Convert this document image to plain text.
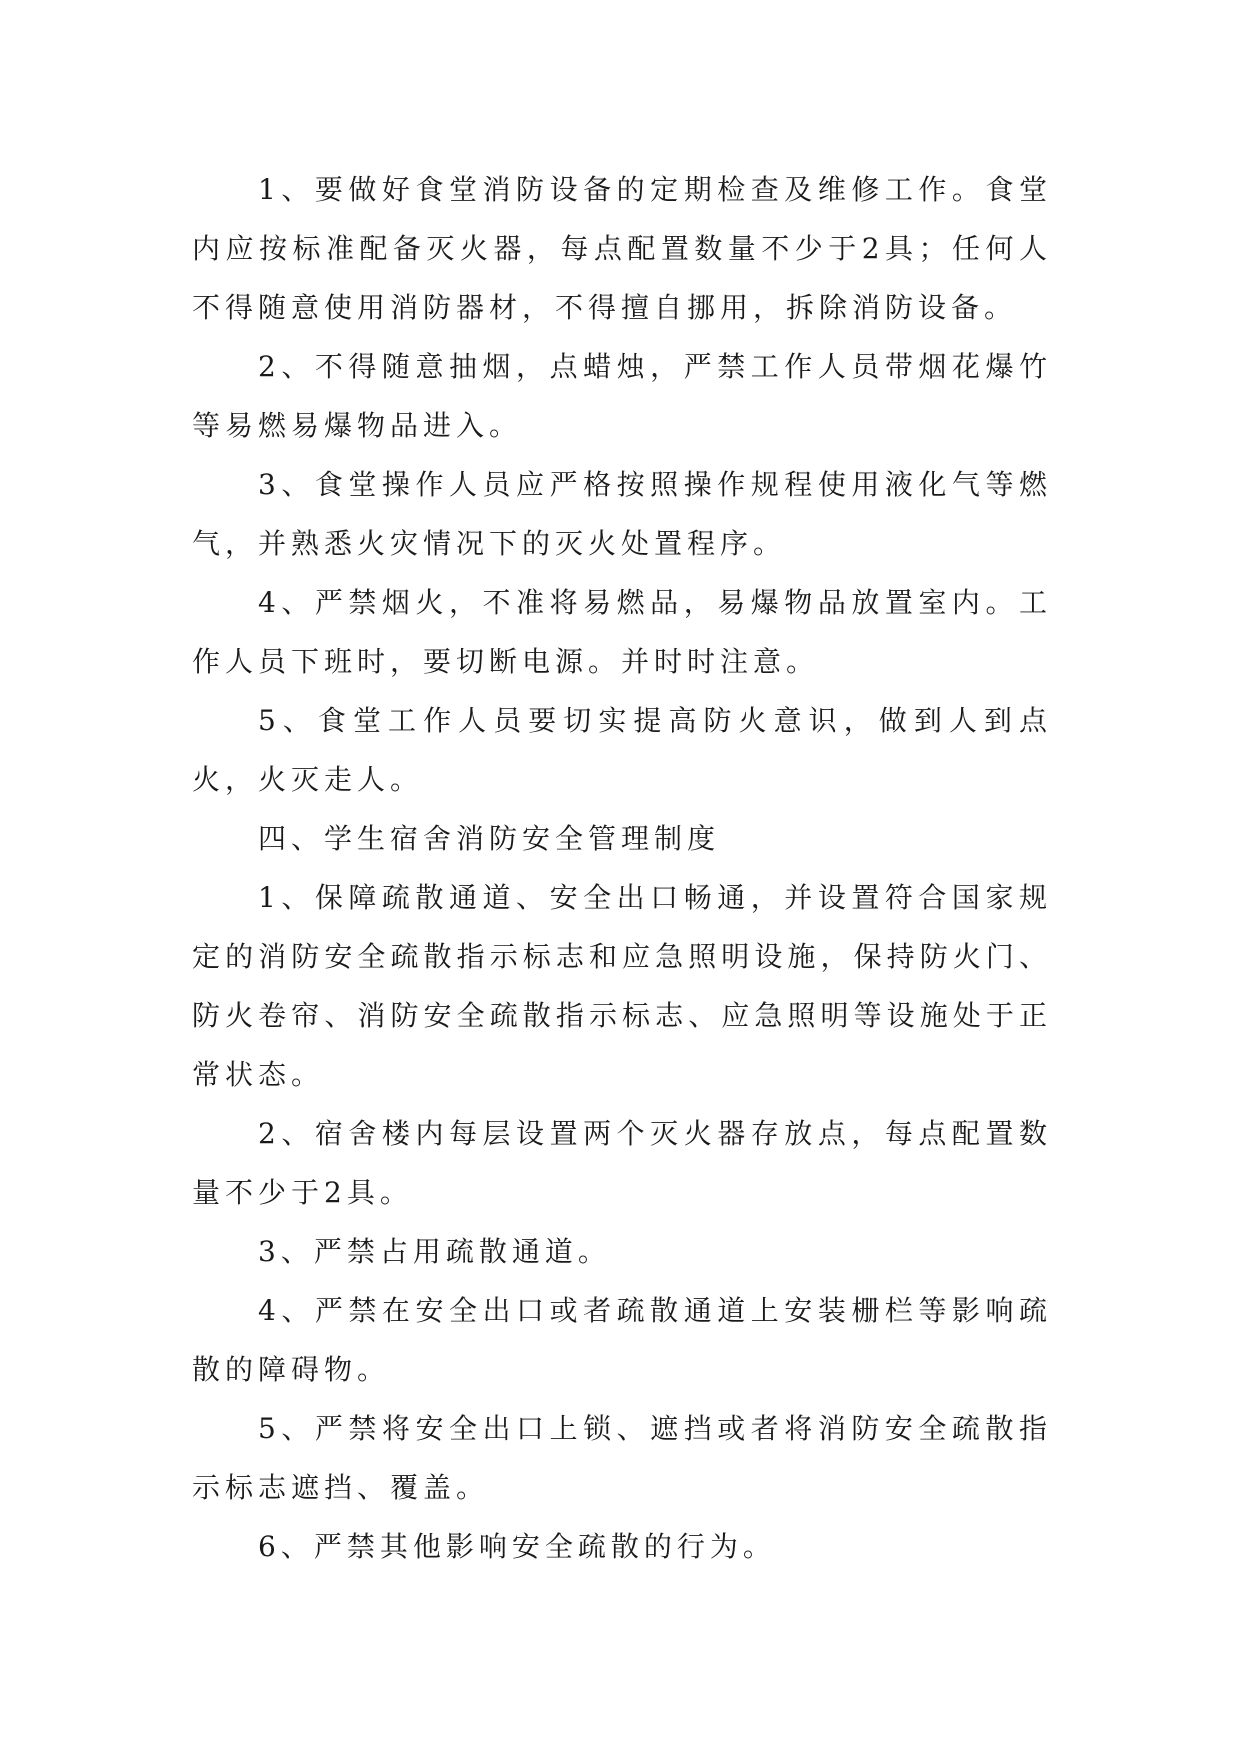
1、要做好食堂消防设备的定期检查及维修工作。食堂内应按标准配备灭火器，每点配置数量不少于2具；任何人不得随意使用消防器材，不得擅自挪用，拆除消防设备。

2、不得随意抽烟，点蜡烛，严禁工作人员带烟花爆竹等易燃易爆物品进入。

3、食堂操作人员应严格按照操作规程使用液化气等燃气，并熟悉火灾情况下的灭火处置程序。

4、严禁烟火，不准将易燃品，易爆物品放置室内。工作人员下班时，要切断电源。并时时注意。

5、食堂工作人员要切实提高防火意识，做到人到点火，火灭走人。

四、学生宿舍消防安全管理制度

1、保障疏散通道、安全出口畅通，并设置符合国家规定的消防安全疏散指示标志和应急照明设施，保持防火门、防火卷帘、消防安全疏散指示标志、应急照明等设施处于正常状态。

2、宿舍楼内每层设置两个灭火器存放点，每点配置数量不少于2具。

3、严禁占用疏散通道。

4、严禁在安全出口或者疏散通道上安装栅栏等影响疏散的障碍物。

5、严禁将安全出口上锁、遮挡或者将消防安全疏散指示标志遮挡、覆盖。

6、严禁其他影响安全疏散的行为。
